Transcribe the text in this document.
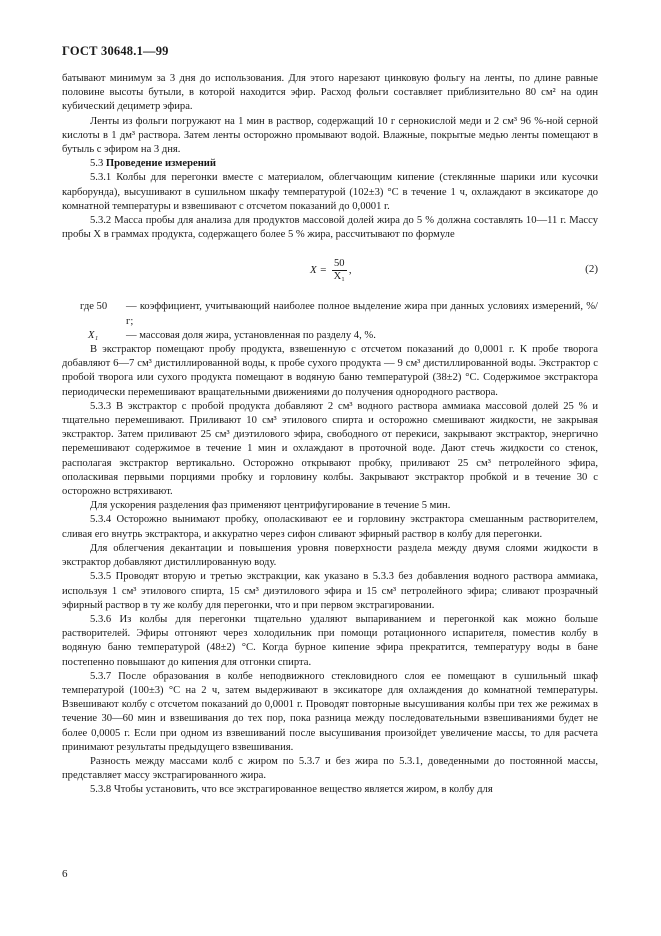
ГОСТ 30648.1—99

батывают минимум за 3 дня до использования. Для этого нарезают цинковую фольгу на ленты, по длине равные половине высоты бутыли, в которой находится эфир. Расход фольги составляет приблизительно 80 см² на один кубический дециметр эфира.

Ленты из фольги погружают на 1 мин в раствор, содержащий 10 г сернокислой меди и 2 см³ 96 %-ной серной кислоты в 1 дм³ раствора. Затем ленты осторожно промывают водой. Влажные, покрытые медью ленты помещают в бутыль с эфиром на 3 дня.

5.3 Проведение измерений

5.3.1 Колбы для перегонки вместе с материалом, облегчающим кипение (стеклянные шарики или кусочки карборунда), высушивают в сушильном шкафу температурой (102±3) °С в течение 1 ч, охлаждают в эксикаторе до комнатной температуры и взвешивают с отсчетом показаний до 0,0001 г.

5.3.2 Масса пробы для анализа для продуктов массовой долей жира до 5 % должна составлять 10—11 г. Массу пробы X в граммах продукта, содержащего более 5 % жира, рассчитывают по формуле

$X = \frac{50}{\text{X₁}}$ ,	(2)
где 50	— коэффициент, учитывающий наиболее полное выделение жира при данных условиях измерений, %/г;
X₁	— массовая доля жира, установленная по разделу 4, %.

В экстрактор помещают пробу продукта, взвешенную с отсчетом показаний до 0,0001 г. К пробе творога добавляют 6—7 см³ дистиллированной воды, к пробе сухого продукта — 9 см³ дистиллированной воды. Экстрактор с пробой творога или сухого продукта помещают в водяную баню температурой (38±2) °С. Содержимое экстрактора периодически перемешивают вращательными движениями до получения однородного раствора.

5.3.3 В экстрактор с пробой продукта добавляют 2 см³ водного раствора аммиака массовой долей 25 % и тщательно перемешивают. Приливают 10 см³ этилового спирта и осторожно смешивают жидкости, не закрывая экстрактор. Затем приливают 25 см³ диэтилового эфира, свободного от перекиси, закрывают экстрактор, энергично перемешивают содержимое в течение 1 мин и охлаждают в проточной воде. Дают стечь жидкости со стенок, располагая экстрактор вертикально. Осторожно открывают пробку, приливают 25 см³ петролейного эфира, ополаскивая первыми порциями пробку и горловину колбы. Закрывают экстрактор пробкой и в течение 30 с осторожно встряхивают.

Для ускорения разделения фаз применяют центрифугирование в течение 5 мин.

5.3.4 Осторожно вынимают пробку, ополаскивают ее и горловину экстрактора смешанным растворителем, сливая его внутрь экстрактора, и аккуратно через сифон сливают эфирный раствор в колбу для перегонки.

Для облегчения декантации и повышения уровня поверхности раздела между двумя слоями жидкости в экстрактор добавляют дистиллированную воду.

5.3.5 Проводят вторую и третью экстракции, как указано в 5.3.3 без добавления водного раствора аммиака, используя 1 см³ этилового спирта, 15 см³ диэтилового эфира и 15 см³ петролейного эфира; сливают прозрачный эфирный раствор в ту же колбу для перегонки, что и при первом экстрагировании.

5.3.6 Из колбы для перегонки тщательно удаляют выпариванием и перегонкой как можно больше растворителей. Эфиры отгоняют через холодильник при помощи ротационного испарителя, поместив колбу в водяную баню температурой (48±2) °С. Когда бурное кипение эфира прекратится, температуру воды в бане постепенно повышают до кипения для отгонки спирта.

5.3.7 После образования в колбе неподвижного стекловидного слоя ее помещают в сушильный шкаф температурой (100±3) °С на 2 ч, затем выдерживают в эксикаторе для охлаждения до комнатной температуры. Взвешивают колбу с отсчетом показаний до 0,0001 г. Проводят повторные высушивания колбы при тех же режимах в течение 30—60 мин и взвешивания до тех пор, пока разница между последовательными взвешиваниями будет не более 0,0005 г. Если при одном из взвешиваний после высушивания произойдет увеличение массы, то для расчета принимают результаты предыдущего взвешивания.

Разность между массами колб с жиром по 5.3.7 и без жира по 5.3.1, доведенными до постоянной массы, представляет массу экстрагированного жира.

5.3.8 Чтобы установить, что все экстрагированное вещество является жиром, в колбу для

6
